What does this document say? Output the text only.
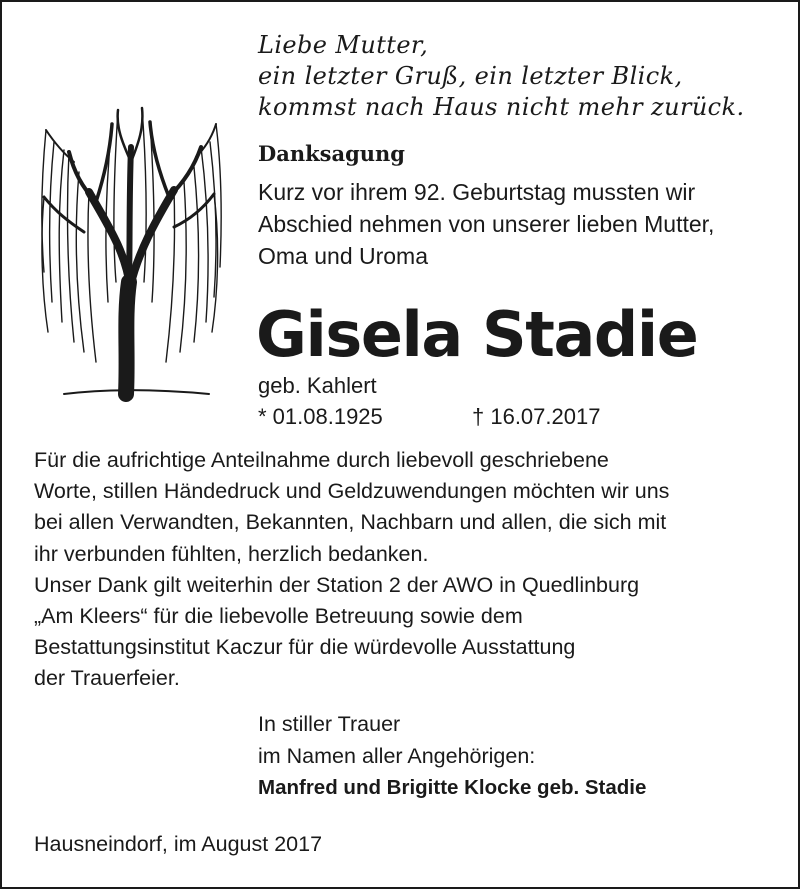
Liebe Mutter,
ein letzter Gruß, ein letzter Blick,
kommst nach Haus nicht mehr zurück.
Danksagung
Kurz vor ihrem 92. Geburtstag mussten wir
Abschied nehmen von unserer lieben Mutter,
Oma und Uroma
Gisela Stadie
geb. Kahlert
* 01.08.1925	† 16.07.2017
Für die aufrichtige Anteilnahme durch liebevoll geschriebene
Worte, stillen Händedruck und Geldzuwendungen möchten wir uns
bei allen Verwandten, Bekannten, Nachbarn und allen, die sich mit
ihr verbunden fühlten, herzlich bedanken.
Unser Dank gilt weiterhin der Station 2 der AWO in Quedlinburg
„Am Kleers“ für die liebevolle Betreuung sowie dem
Bestattungsinstitut Kaczur für die würdevolle Ausstattung
der Trauerfeier.
In stiller Trauer
im Namen aller Angehörigen:
Manfred und Brigitte Klocke geb. Stadie
Hausneindorf, im August 2017
